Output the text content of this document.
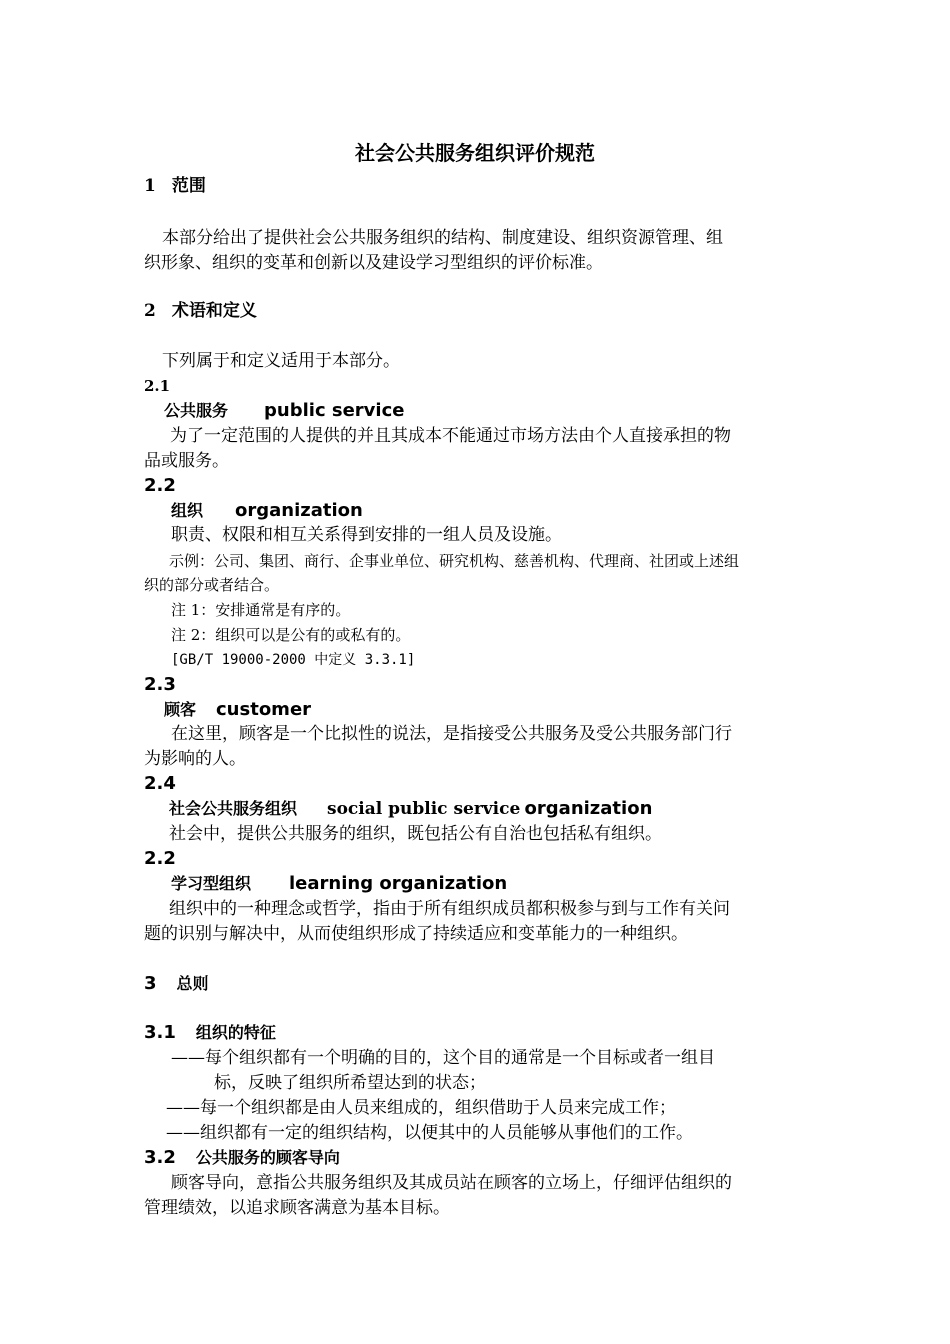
社会公共服务组织评价规范
1 范围
本部分给出了提供社会公共服务组织的结构、制度建设、组织资源管理、组
织形象、组织的变革和创新以及建设学习型组织的评价标准。
2 术语和定义
下列属于和定义适用于本部分。
2.1
公共服务 public service
为了一定范围的人提供的并且其成本不能通过市场方法由个人直接承担的物
品或服务。
2.2
组织 organization
职责、权限和相互关系得到安排的一组人员及设施。
示例：公司、集团、商行、企事业单位、研究机构、慈善机构、代理商、社团或上述组
织的部分或者结合。
注 1：安排通常是有序的。
注 2：组织可以是公有的或私有的。
[GB/T 19000-2000 中定义 3.3.1]
2.3
顾客 customer
在这里，顾客是一个比拟性的说法，是指接受公共服务及受公共服务部门行
为影响的人。
2.4
社会公共服务组织 social public service organization
社会中，提供公共服务的组织，既包括公有自治也包括私有组织。
2.2
学习型组织 learning organization
组织中的一种理念或哲学，指由于所有组织成员都积极参与到与工作有关问
题的识别与解决中，从而使组织形成了持续适应和变革能力的一种组织。
3 总则
3.1 组织的特征
——每个组织都有一个明确的目的，这个目的通常是一个目标或者一组目
标，反映了组织所希望达到的状态；
——每一个组织都是由人员来组成的，组织借助于人员来完成工作；
——组织都有一定的组织结构，以便其中的人员能够从事他们的工作。
3.2 公共服务的顾客导向
顾客导向，意指公共服务组织及其成员站在顾客的立场上，仔细评估组织的
管理绩效，以追求顾客满意为基本目标。
